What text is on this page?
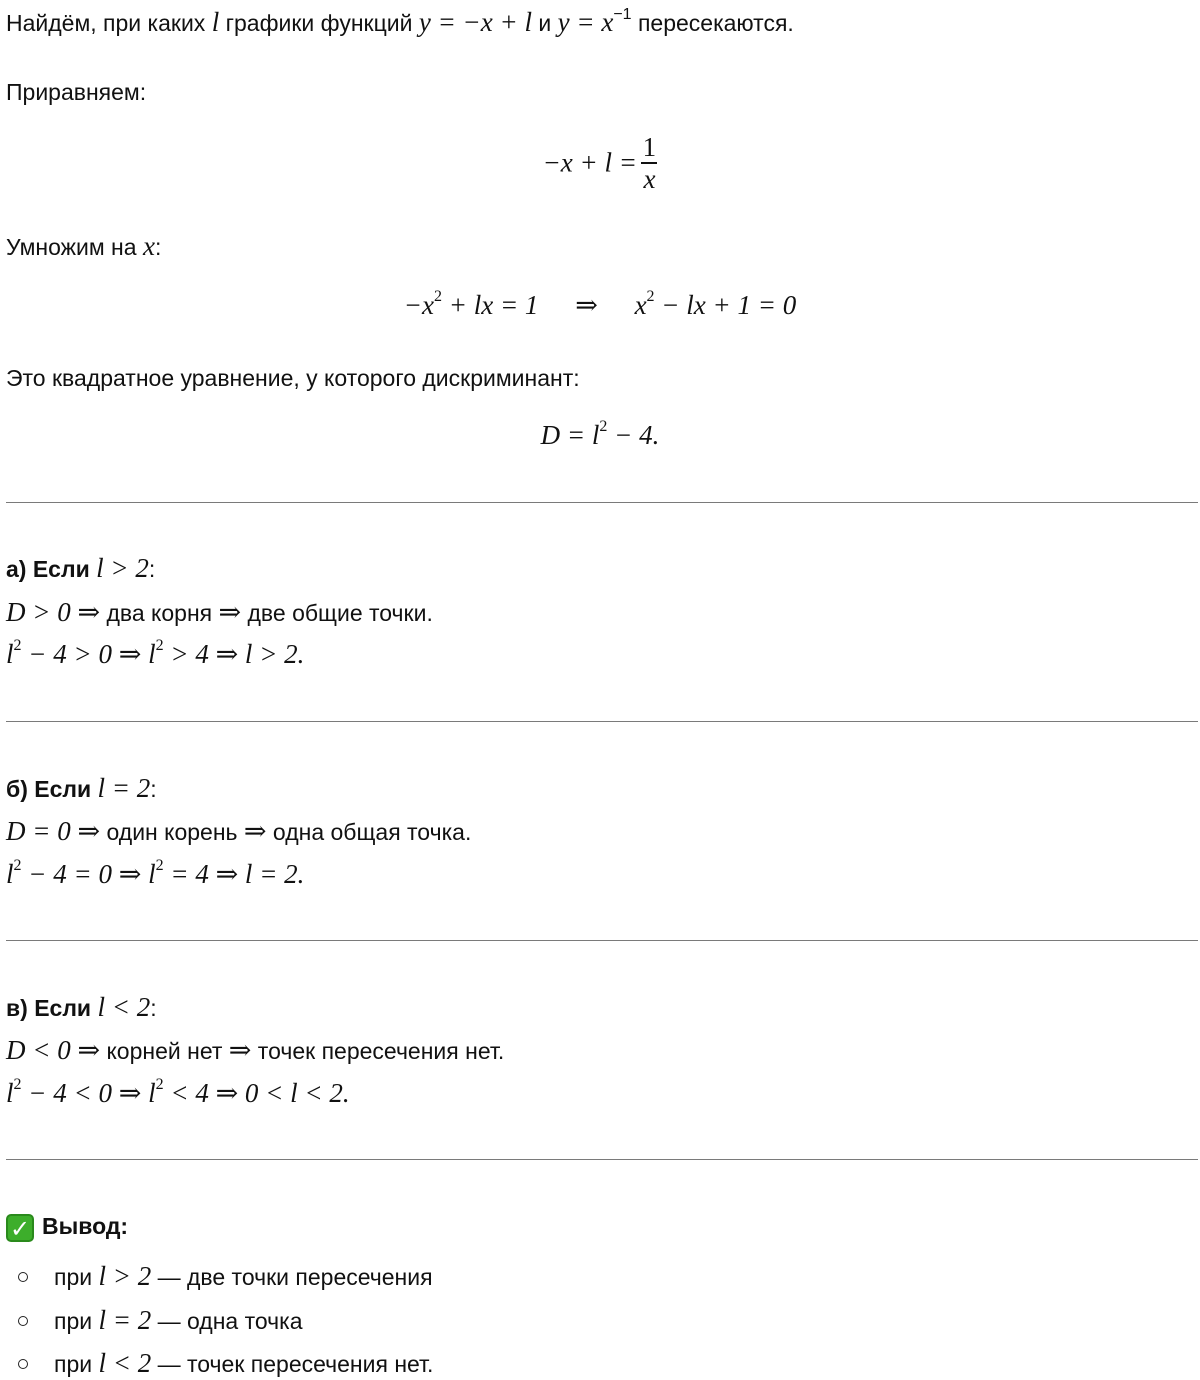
Найдём, при каких l графики функций y = −x + l и $y = x^{-1}$ пересекаются.
Приравняем:
$-x + l = \frac{1}{x}$
Умножим на x:
$-x^2$ + lx = 1 ⇒ $x^2$ − lx + 1 = 0
Это квадратное уравнение, у которого дискриминант:
$D = l^2 - 4$.
а) Если l > 2:
D > 0 ⇒ два корня ⇒ две общие точки.
$l^2 - 4 > 0$ ⇒ $l^2 > 4$ ⇒ l > 2.
б) Если l = 2:
D = 0 ⇒ один корень ⇒ одна общая точка.
$l^2 - 4 = 0$ ⇒ $l^2 = 4$ ⇒ l = 2.
в) Если l < 2:
D < 0 ⇒ корней нет ⇒ точек пересечения нет.
$l^2 - 4 < 0$ ⇒ $l^2 < 4$ ⇒ 0 < l < 2.
✓ Вывод:
при l > 2 — две точки пересечения
при l = 2 — одна точка
при l < 2 — точек пересечения нет.
